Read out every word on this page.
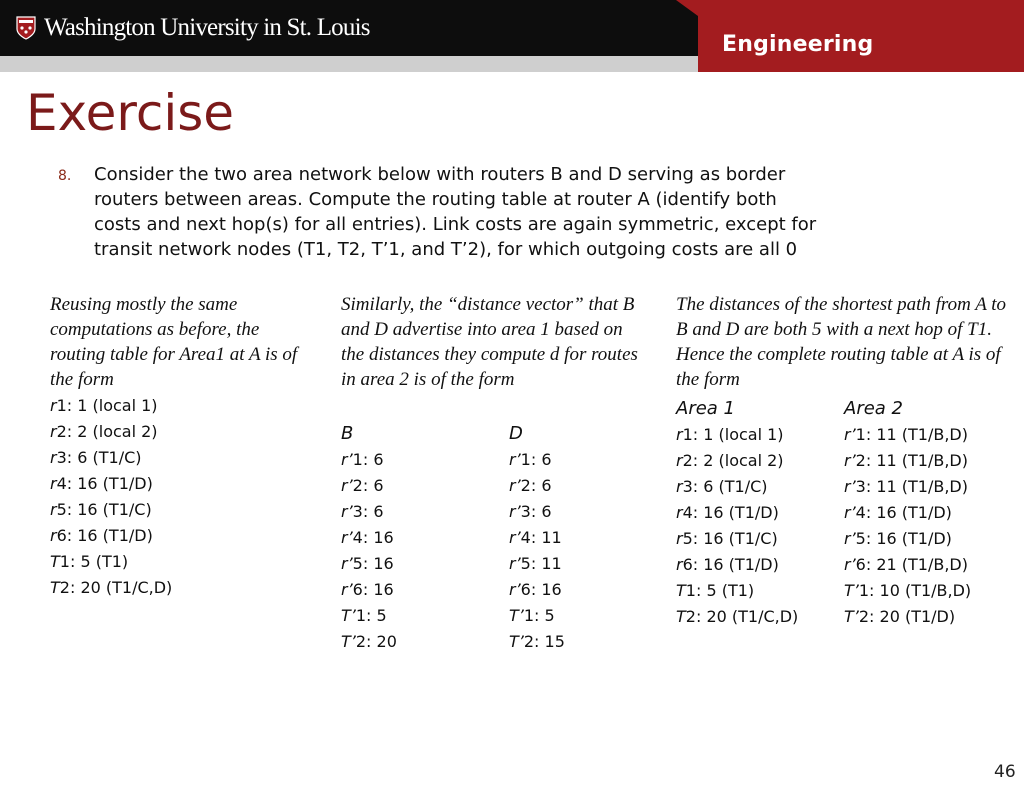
Washington University in St. Louis
Engineering
Exercise
8. Consider the two area network below with routers B and D serving as border
routers between areas. Compute the routing table at router A (identify both
costs and next hop(s) for all entries). Link costs are again symmetric, except for
transit network nodes (T1, T2, T’1, and T’2), for which outgoing costs are all 0
Reusing mostly the same computations as before, the routing table for Area1 at A is of the form
r1: 1 (local 1)
r2: 2 (local 2)
r3: 6 (T1/C)
r4: 16 (T1/D)
r5: 16 (T1/C)
r6: 16 (T1/D)
T1: 5 (T1)
T2: 20 (T1/C,D)
Similarly, the “distance vector” that B and D advertise into area 1 based on the distances they compute d for routes in area 2 is of the form
B
r’1: 6
r’2: 6
r’3: 6
r’4: 16
r’5: 16
r’6: 16
T’1: 5
T’2: 20
D
r’1: 6
r’2: 6
r’3: 6
r’4: 11
r’5: 11
r’6: 16
T’1: 5
T’2: 15
The distances of the shortest path from A to B and D are both 5 with a next hop of T1. Hence the complete routing table at A is of the form
Area 1
r1: 1 (local 1)
r2: 2 (local 2)
r3: 6 (T1/C)
r4: 16 (T1/D)
r5: 16 (T1/C)
r6: 16 (T1/D)
T1: 5 (T1)
T2: 20 (T1/C,D)
Area 2
r’1: 11 (T1/B,D)
r’2: 11 (T1/B,D)
r’3: 11 (T1/B,D)
r’4: 16 (T1/D)
r’5: 16 (T1/D)
r’6: 21 (T1/B,D)
T’1: 10 (T1/B,D)
T’2: 20 (T1/D)
46
